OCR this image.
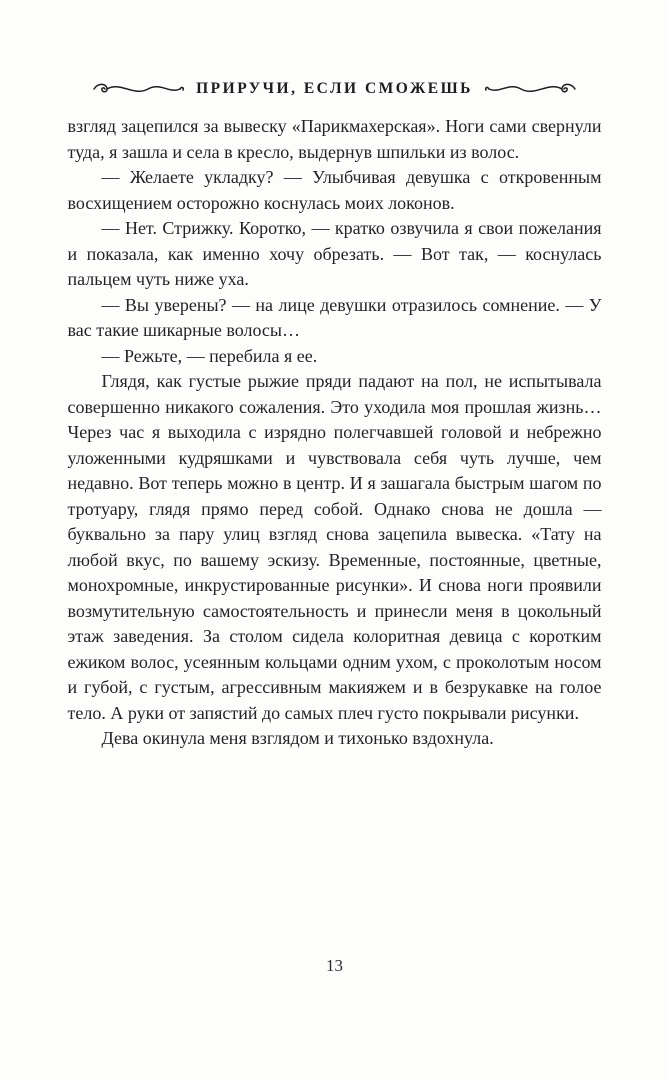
ПРИРУЧИ, ЕСЛИ СМОЖЕШЬ

взгляд зацепился за вывеску «Парикмахерская». Ноги сами свернули туда, я зашла и села в кресло, выдернув шпильки из волос.

— Желаете укладку? — Улыбчивая девушка с откровенным восхищением осторожно коснулась моих локонов.

— Нет. Стрижку. Коротко, — кратко озвучила я свои пожелания и показала, как именно хочу обрезать. — Вот так, — коснулась пальцем чуть ниже уха.

— Вы уверены? — на лице девушки отразилось сомнение. — У вас такие шикарные волосы…

— Режьте, — перебила я ее.

Глядя, как густые рыжие пряди падают на пол, не испытывала совершенно никакого сожаления. Это уходила моя прошлая жизнь… Через час я выходила с изрядно полегчавшей головой и небрежно уложенными кудряшками и чувствовала себя чуть лучше, чем недавно. Вот теперь можно в центр. И я зашагала быстрым шагом по тротуару, глядя прямо перед собой. Однако снова не дошла — буквально за пару улиц взгляд снова зацепила вывеска. «Тату на любой вкус, по вашему эскизу. Временные, постоянные, цветные, монохромные, инкрустированные рисунки». И снова ноги проявили возмутительную самостоятельность и принесли меня в цокольный этаж заведения. За столом сидела колоритная девица с коротким ежиком волос, усеянным кольцами одним ухом, с проколотым носом и губой, с густым, агрессивным макияжем и в безрукавке на голое тело. А руки от запястий до самых плеч густо покрывали рисунки.

Дева окинула меня взглядом и тихонько вздохнула.

13
